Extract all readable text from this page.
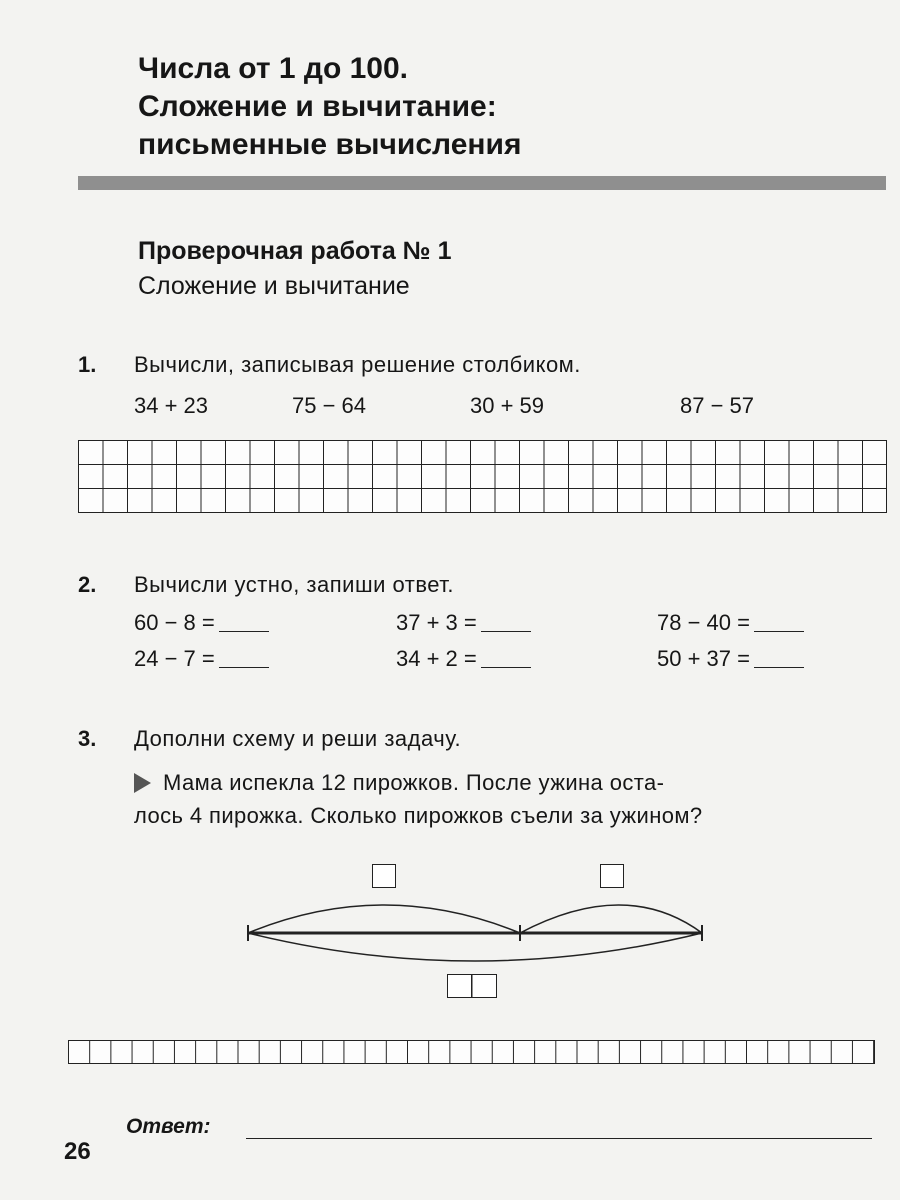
Числа от 1 до 100.
Сложение и вычитание:
письменные вычисления
Проверочная работа № 1
Сложение и вычитание
1. Вычисли, записывая решение столбиком.
34 + 23	75 − 64	30 + 59	87 − 57
2. Вычисли устно, запиши ответ.
60 − 8 =	37 + 3 =	78 − 40 =
24 − 7 =	34 + 2 =	50 + 37 =
3. Дополни схему и реши задачу.
Мама испекла 12 пирожков. После ужина оста-
лось 4 пирожка. Сколько пирожков съели за ужином?
Ответ:
26
